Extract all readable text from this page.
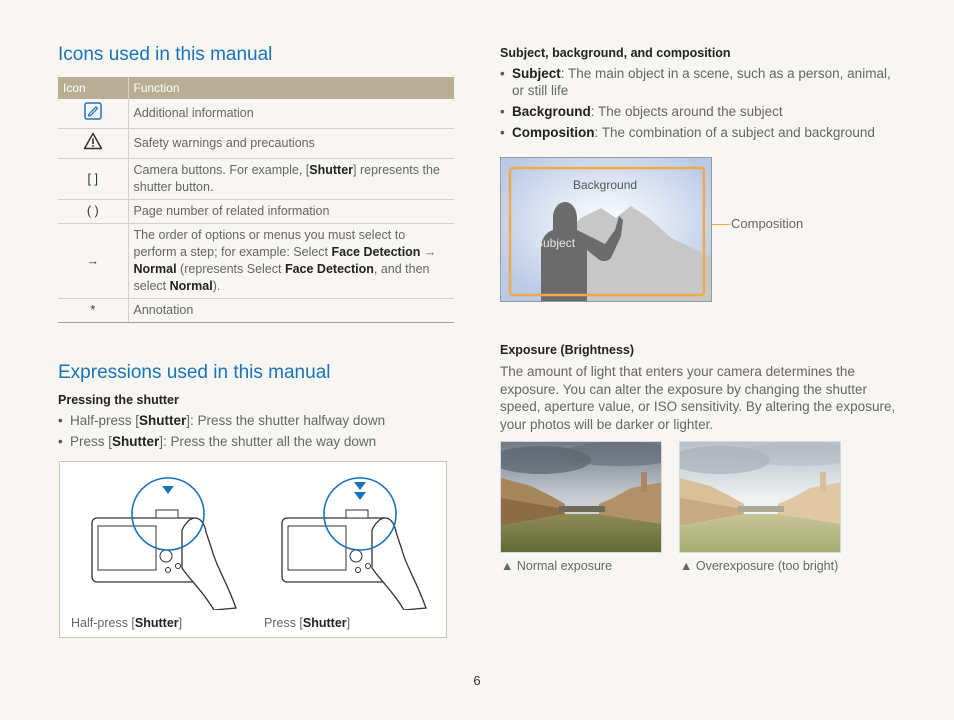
Icons used in this manual
Icon	Function
	Additional information
	Safety warnings and precautions
[ ]	Camera buttons. For example, [Shutter] represents the shutter button.
( )	Page number of related information
→	The order of options or menus you must select to perform a step; for example: Select Face Detection → Normal (represents Select Face Detection, and then select Normal).
*	Annotation
Expressions used in this manual
Pressing the shutter
• Half-press [Shutter]: Press the shutter halfway down
• Press [Shutter]: Press the shutter all the way down
Half-press [Shutter]	Press [Shutter]
Subject, background, and composition
• Subject: The main object in a scene, such as a person, animal, or still life
• Background: The objects around the subject
• Composition: The combination of a subject and background
Background
Subject
Composition
Exposure (Brightness)
The amount of light that enters your camera determines the exposure. You can alter the exposure by changing the shutter speed, aperture value, or ISO sensitivity. By altering the exposure, your photos will be darker or lighter.
▲ Normal exposure	▲ Overexposure (too bright)
6
